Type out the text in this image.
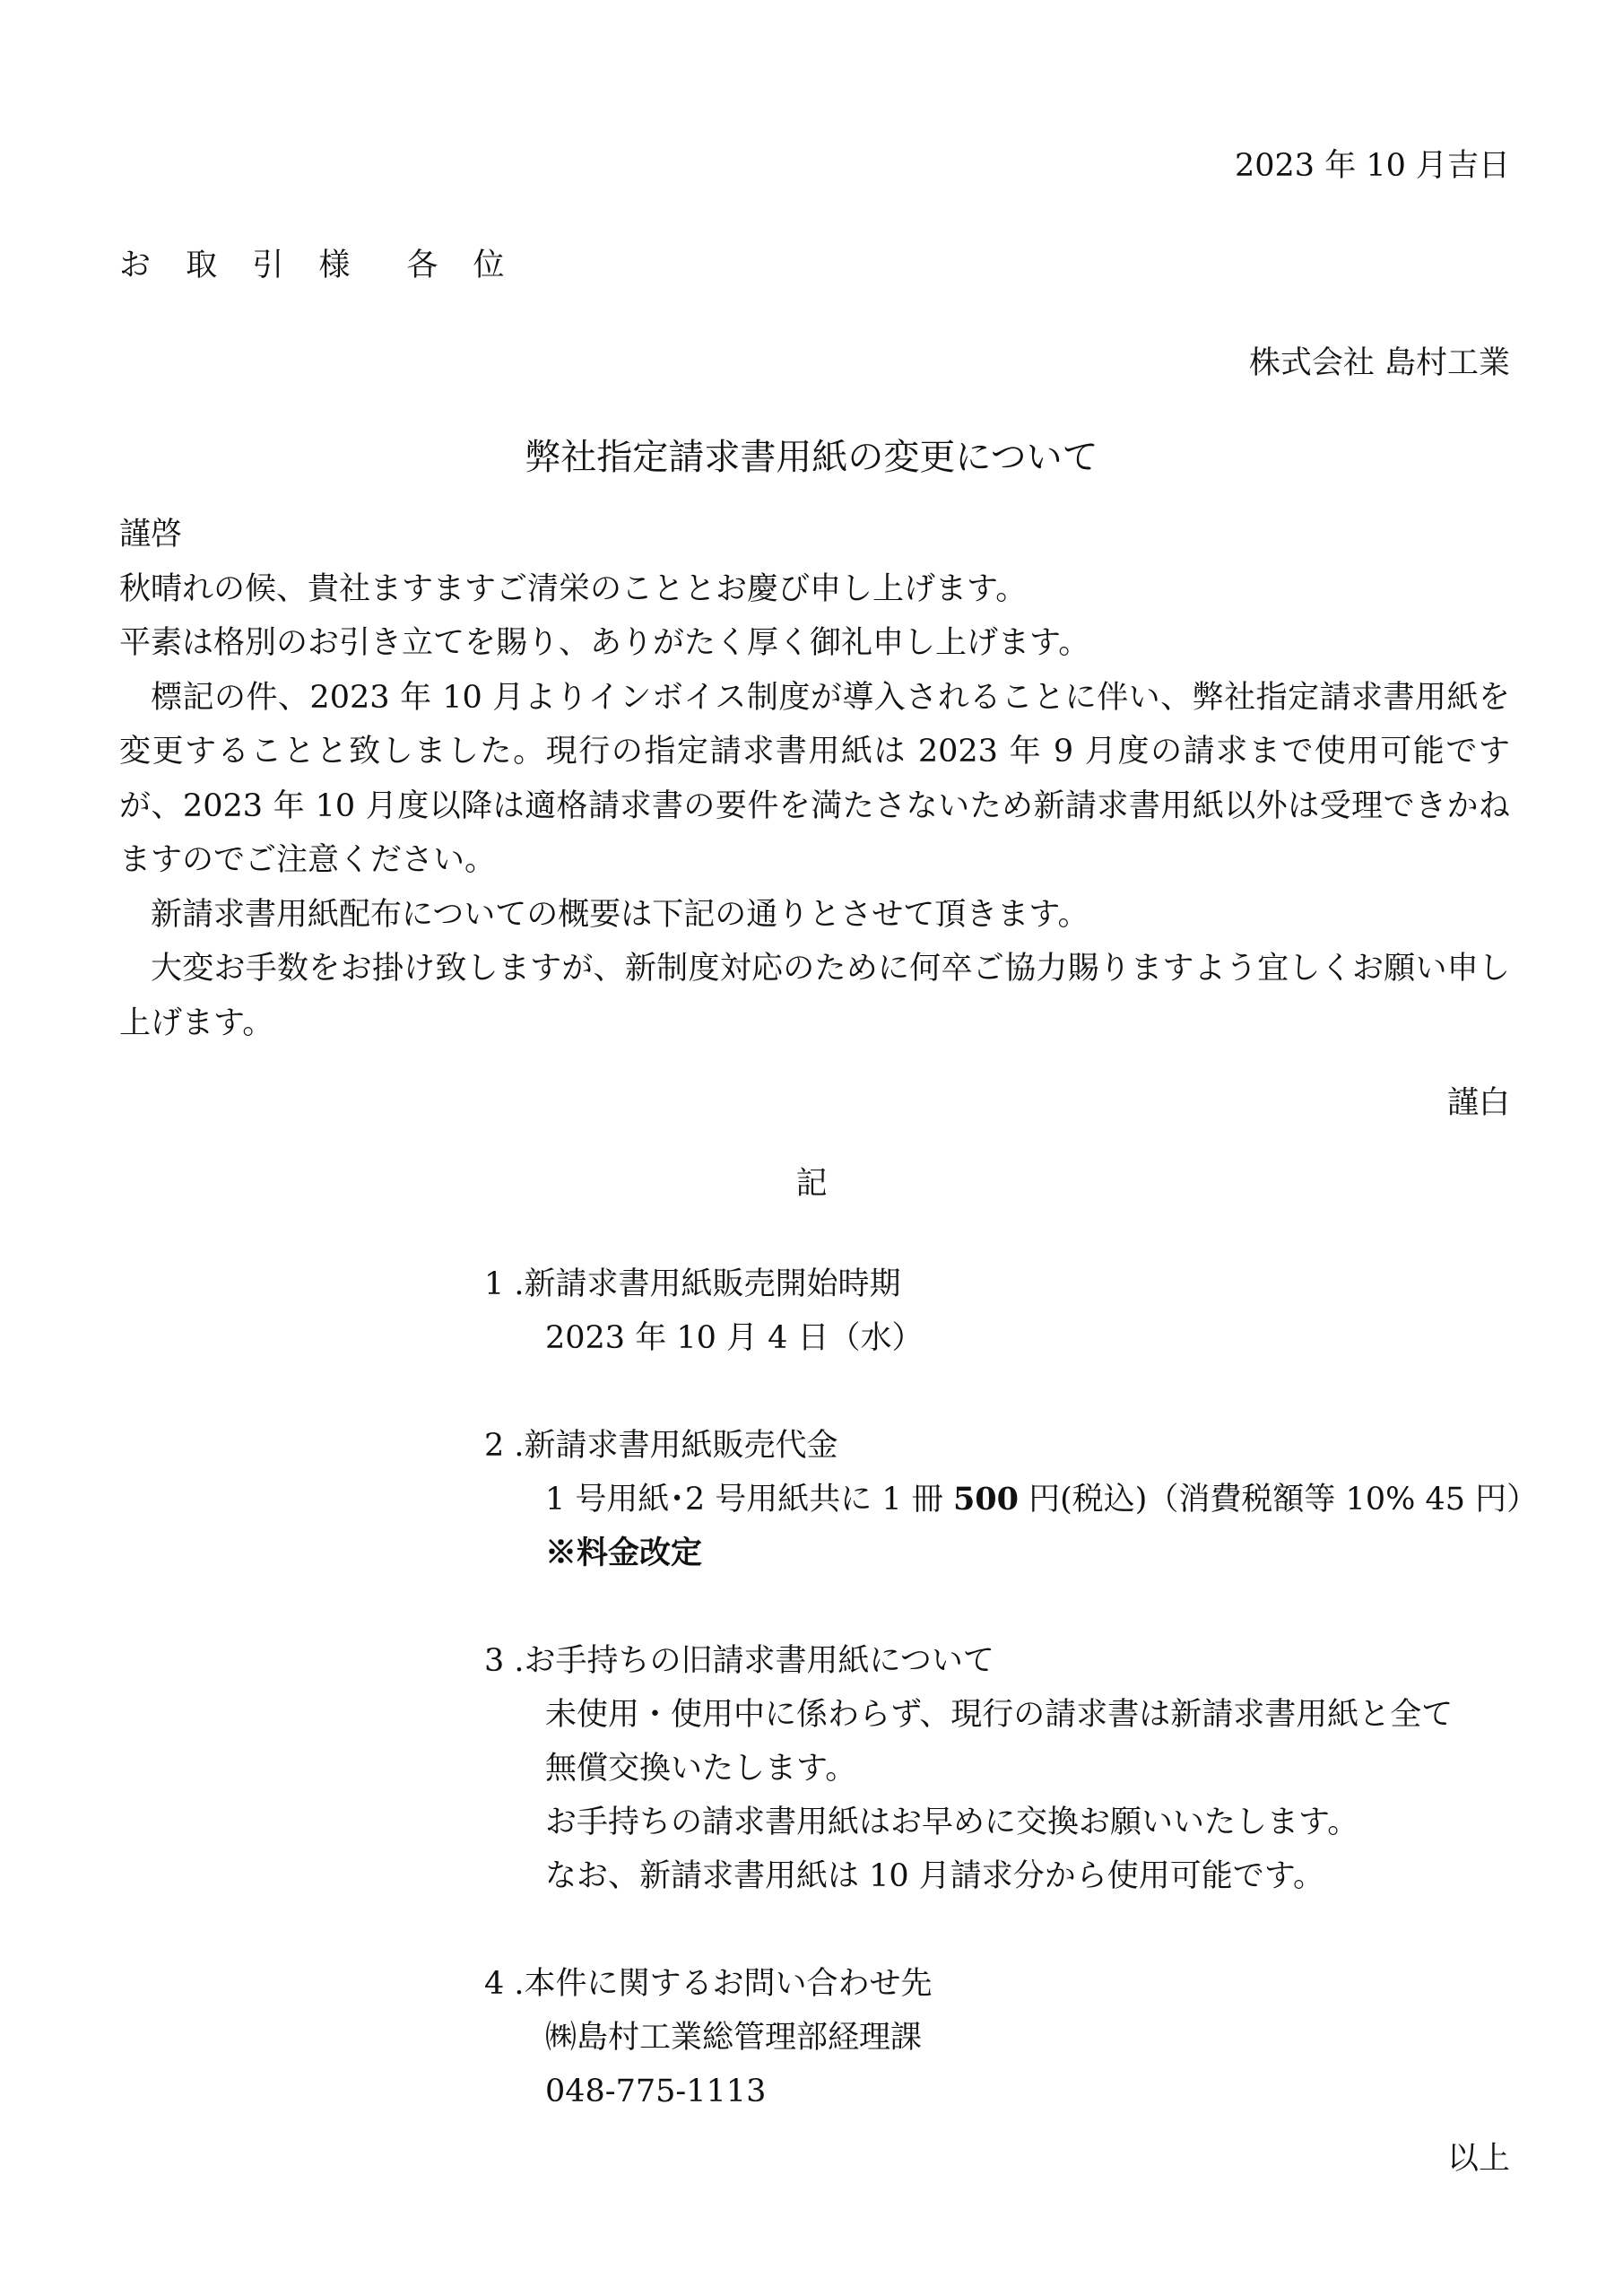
2023 年 10 月吉日
お 取 引 様　各 位
株式会社 島村工業
弊社指定請求書用紙の変更について

謹啓

秋晴れの候、貴社ますますご清栄のこととお慶び申し上げます。

平素は格別のお引き立てを賜り、ありがたく厚く御礼申し上げます。

標記の件、2023 年 10 月よりインボイス制度が導入されることに伴い、弊社指定請求書用紙を変更することと致しました。現行の指定請求書用紙は 2023 年 9 月度の請求まで使用可能ですが、2023 年 10 月度以降は適格請求書の要件を満たさないため新請求書用紙以外は受理できかねますのでご注意ください。

新請求書用紙配布についての概要は下記の通りとさせて頂きます。

大変お手数をお掛け致しますが、新制度対応のために何卒ご協力賜りますよう宜しくお願い申し上げます。

謹白
記

1 .新請求書用紙販売開始時期

2023 年 10 月 4 日（水）

2 .新請求書用紙販売代金

1 号用紙･2 号用紙共に 1 冊 500 円(税込)（消費税額等 10% 45 円）

※料金改定

3 .お手持ちの旧請求書用紙について

未使用・使用中に係わらず、現行の請求書は新請求書用紙と全て

無償交換いたします。

お手持ちの請求書用紙はお早めに交換お願いいたします。

なお、新請求書用紙は 10 月請求分から使用可能です。

4 .本件に関するお問い合わせ先

㈱島村工業総管理部経理課

048-775-1113

以上
